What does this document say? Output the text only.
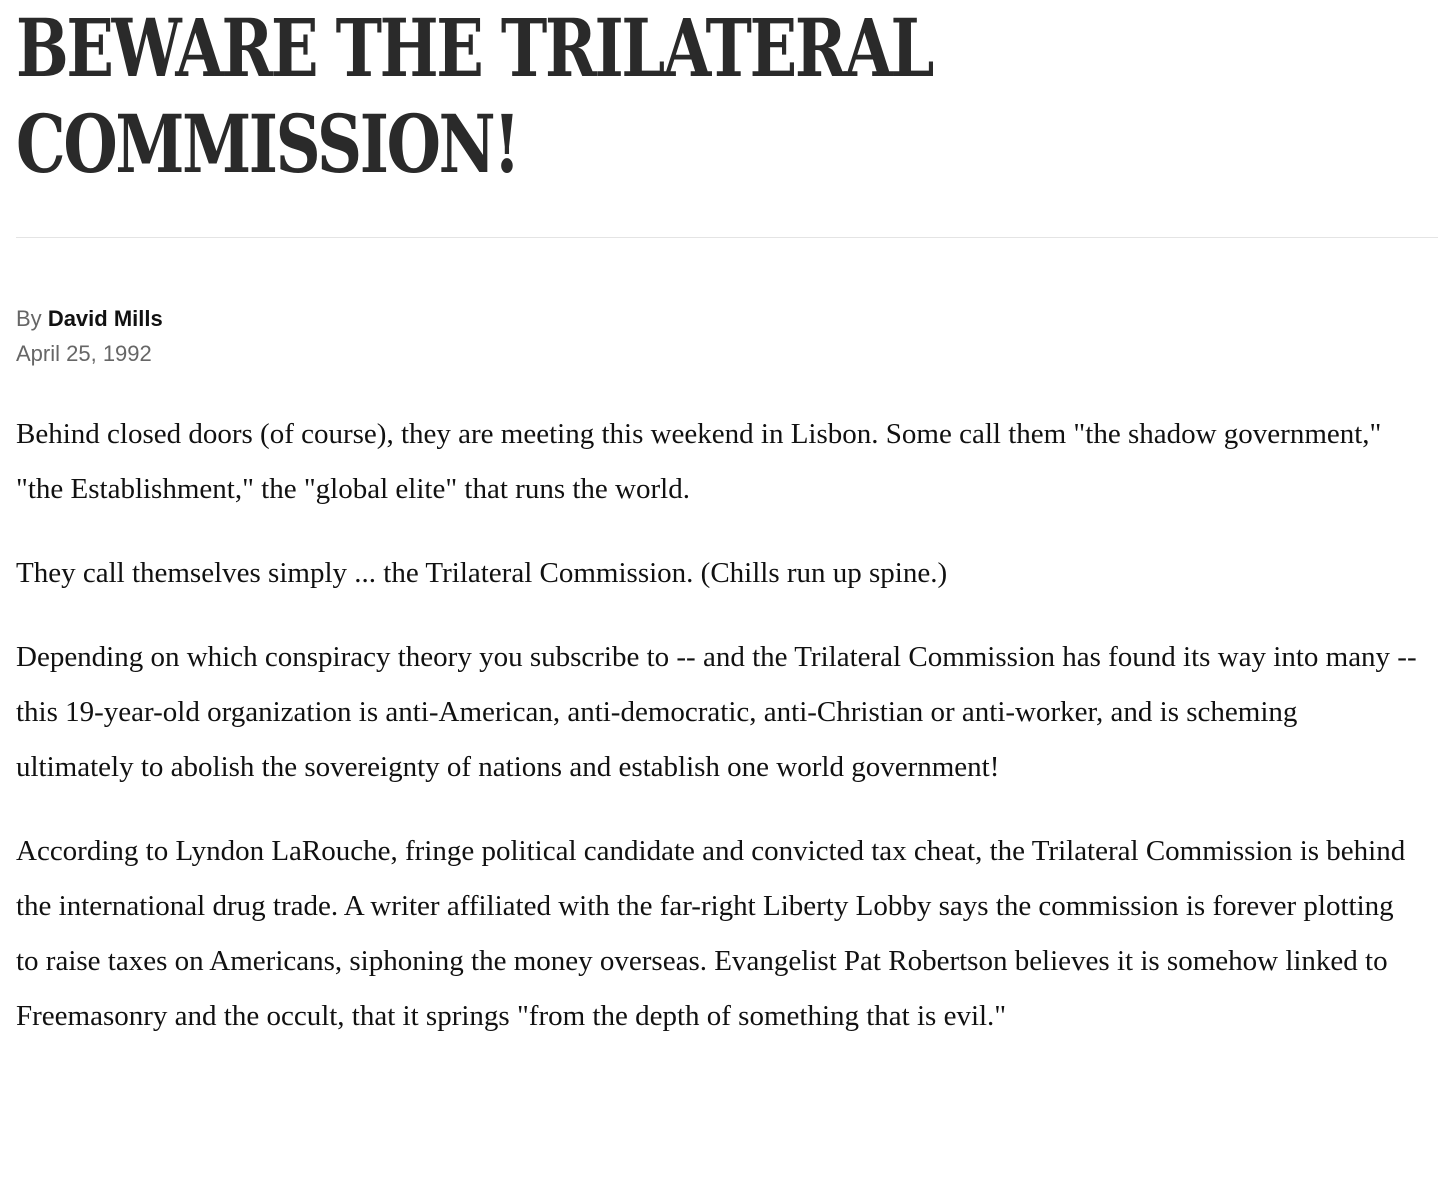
BEWARE THE TRILATERAL COMMISSION!
By David Mills
April 25, 1992

Behind closed doors (of course), they are meeting this weekend in Lisbon. Some call them "the shadow government," "the Establishment," the "global elite" that runs the world.

They call themselves simply ... the Trilateral Commission. (Chills run up spine.)

Depending on which conspiracy theory you subscribe to -- and the Trilateral Commission has found its way into many -- this 19-year-old organization is anti-American, anti-democratic, anti-Christian or anti-worker, and is scheming ultimately to abolish the sovereignty of nations and establish one world government!

According to Lyndon LaRouche, fringe political candidate and convicted tax cheat, the Trilateral Commission is behind the international drug trade. A writer affiliated with the far-right Liberty Lobby says the commission is forever plotting to raise taxes on Americans, siphoning the money overseas. Evangelist Pat Robertson believes it is somehow linked to Freemasonry and the occult, that it springs "from the depth of something that is evil."
